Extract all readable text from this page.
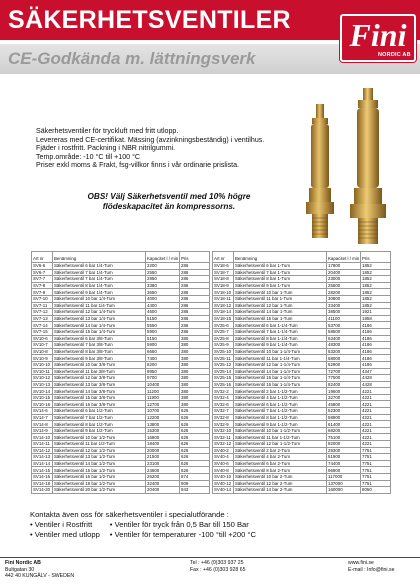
SÄKERHETSVENTILER
CE-Godkända m. lättningsverk
Fini
NORDIC AB

Säkerhetsventiler för tryckluft med fritt utlopp.

Levereras med CE-certifikat. Mässing (avzinkningsbeständig) i ventilhus.

Fjäder i rostfritt. Packning i NBR nitrilgummi.

Temp.område: -10 °C till +100 °C

Priser exkl moms & Frakt, fsg-villkor finns i vår ordinarie prislista.

OBS! Välj Säkerhetsventil med 10% högre
flödeskapacitet än kompressorns.
Art nr	Benämning	Kapacitet l / min	Pris
SV6-6	Säkerhetsventil 6 bar 1/4-Tum	2200	286
SV6-7	Säkerhetsventil 7 bar 1/4-Tum	2550	286
SV7-7	Säkerhetsventil 7 bar 1/4-Tum	2950	286
SV7-8	Säkerhetsventil 8 bar 1/4-Tum	3380	286
SV7-9	Säkerhetsventil 9 bar 1/4-Tum	3650	286
SV7-10	Säkerhetsventil 10 bar 1/4-Tum	4000	286
SV7-11	Säkerhetsventil 11 bar 1/4-Tum	4400	286
SV7-12	Säkerhetsventil 12 bar 1/4-Tum	4600	286
SV7-13	Säkerhetsventil 13 bar 1/4-Tum	5150	286
SV7-14	Säkerhetsventil 14 bar 1/4-Tum	5550	286
SV7-15	Säkerhetsventil 15 bar 1/4-Tum	5900	286
SV10-6	Säkerhetsventil 6 bar 3/8-Tum	5150	380
SV10-7	Säkerhetsventil 7 bar 3/8-Tum	5900	380
SV10-8	Säkerhetsventil 8 bar 3/8-Tum	6650	380
SV10-9	Säkerhetsventil 9 bar 3/8-Tum	7400	380
SV10-10	Säkerhetsventil 10 bar 3/8-Tum	8200	380
SV10-11	Säkerhetsventil 11 bar 3/8-Tum	8950	380
SV10-12	Säkerhetsventil 12 bar 3/8-Tum	9700	380
SV10-13	Säkerhetsventil 13 bar 3/8-Tum	10400	380
SV10-14	Säkerhetsventil 14 bar 3/8-Tum	11200	380
SV10-15	Säkerhetsventil 15 bar 3/8-Tum	11900	380
SV10-16	Säkerhetsventil 16 bar 3/8-Tum	12700	380
SV14-6	Säkerhetsventil 6 bar 1/2-Tum	10700	626
SV14-7	Säkerhetsventil 7 bar 1/2-Tum	12200	626
SV14-8	Säkerhetsventil 8 bar 1/2-Tum	13800	626
SV14-9	Säkerhetsventil 9 bar 1/2-Tum	15300	626
SV14-10	Säkerhetsventil 10 bar 1/2-Tum	16900	626
SV14-11	Säkerhetsventil 11 bar 1/2-Tum	18400	626
SV14-12	Säkerhetsventil 12 bar 1/2-Tum	20000	626
SV14-13	Säkerhetsventil 13 bar 1/2-Tum	21500	626
SV14-14	Säkerhetsventil 14 bar 1/2-Tum	23100	626
SV14-15	Säkerhetsventil 15 bar 1/2-Tum	24600	626
SV14-16	Säkerhetsventil 16 bar 1/2-Tum	26200	874
SV14-18	Säkerhetsventil 18 bar 1/2-Tum	32400	909
SV14-20	Säkerhetsventil 20 bar 1/2-Tum	20400	943
Art nr	Benämning	Kapacitet l / min	Pris
SV18-6	Säkerhetsventil 6 bar 1-Tum	17800	1852
SV18-7	Säkerhetsventil 7 bar 1-Tum	20400	1852
SV18-8	Säkerhetsventil 8 bar 1-Tum	23000	1852
SV18-9	Säkerhetsventil 9 bar 1-Tum	25600	1852
SV18-10	Säkerhetsventil 10 bar 1-Tum	28200	1852
SV18-11	Säkerhetsventil 11 bar 1-Tum	30800	1852
SV18-12	Säkerhetsventil 12 bar 1-Tum	33400	1852
SV18-14	Säkerhetsventil 14 bar 1-Tum	38500	1921
SV18-15	Säkerhetsventil 15 bar 1-Tum	41100	1958
SV25-6	Säkerhetsventil 6 bar 1-1/4-Tum	53700	4186
SV25-7	Säkerhetsventil 7 bar 1-1/4-Tum	58500	4186
SV25-8	Säkerhetsventil 8 bar 1-1/4-Tum	63400	4186
SV25-9	Säkerhetsventil 9 bar 1-1/4-Tum	48300	4186
SV25-10	Säkerhetsventil 10 bar 1-1/4-Tum	53200	4186
SV25-11	Säkerhetsventil 11 bar 1-1/4-Tum	58000	4186
SV25-12	Säkerhetsventil 12 bar 1-1/4-Tum	62900	4186
SV25-14	Säkerhetsventil 14 bar 1-1/4-Tum	72700	4347
SV25-15	Säkerhetsventil 15 bar 1-1/4-Tum	77500	4428
SV25-16	Säkerhetsventil 16 bar 1-1/4-Tum	82400	4428
SV32-2	Säkerhetsventil 2 bar 1-1/2-Tum	19600	4221
SV32-4	Säkerhetsventil 4 bar 1-1/2-Tum	32700	4221
SV32-6	Säkerhetsventil 6 bar 1-1/2-Tum	45800	4221
SV32-7	Säkerhetsventil 7 bar 1-1/2-Tum	52300	4221
SV32-8	Säkerhetsventil 8 bar 1-1/2-Tum	58900	4221
SV32-9	Säkerhetsventil 9 bar 1-1/2-Tum	61400	4221
SV32-10	Säkerhetsventil 10 bar 1-1/2-Tum	68200	4221
SV32-11	Säkerhetsventil 11 bar 1-1/2-Tum	75100	4221
SV32-12	Säkerhetsventil 12 bar 1-1/2-Tum	82000	4221
SV40-2	Säkerhetsventil 2 bar 2-Tum	29300	7751
SV40-4	Säkerhetsventil 4 bar 2-Tum	51900	7751
SV40-6	Säkerhetsventil 6 bar 2-Tum	74400	7751
SV40-8	Säkerhetsventil 8 bar 2-Tum	96900	7751
SV40-10	Säkerhetsventil 10 bar 2-Tum	117000	7751
SV40-12	Säkerhetsventil 12 bar 2-Tum	137000	7751
SV40-14	Säkerhetsventil 14 bar 2-Tum	160000	8050
Kontakta även oss för säkerhetsventiler i specialutförande :
• Ventiler i Rostfritt
• Ventiler med utlopp
• Ventiler för tryck från 0,5 Bar till 150 Bar
• Ventiler för temperaturer -100 °till +200 °C
Fini Nordic AB
Bultgatan 30
442 40 KUNGÄLV - SWEDEN
Tel : +46 (0)303 937 25
Fax : +46 (0)303 928 65
www.fini.se
E-mail : Info@fini.se
